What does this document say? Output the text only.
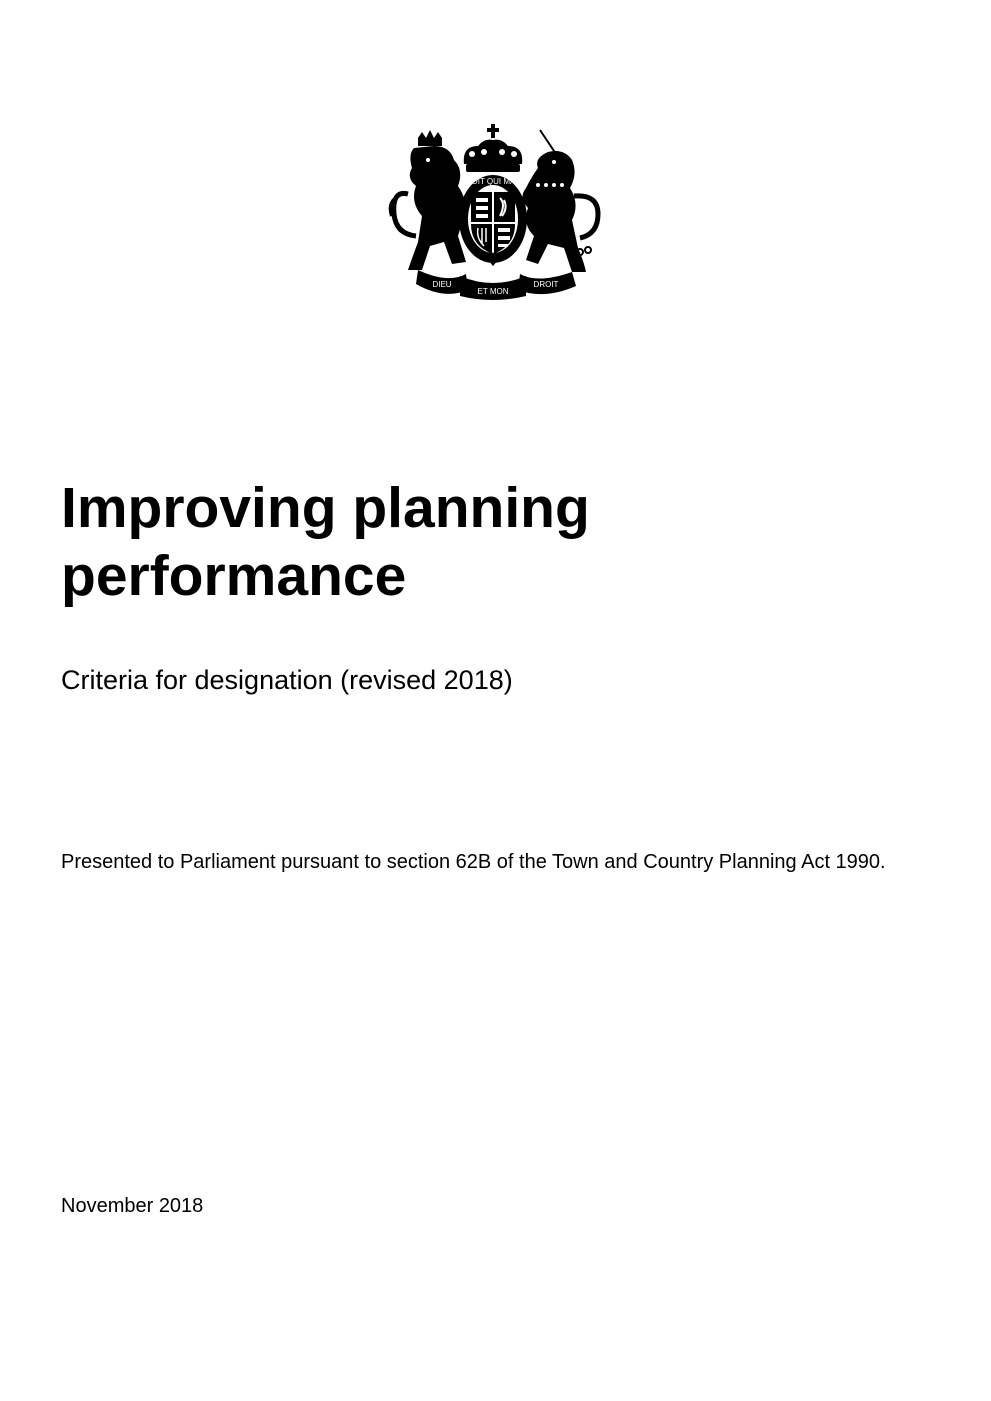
SOIT QUI MAL
DIEU
ET MON
DROIT
Improving planning
performance
Criteria for designation (revised 2018)

Presented to Parliament pursuant to section 62B of the Town and Country Planning Act 1990.

November 2018
